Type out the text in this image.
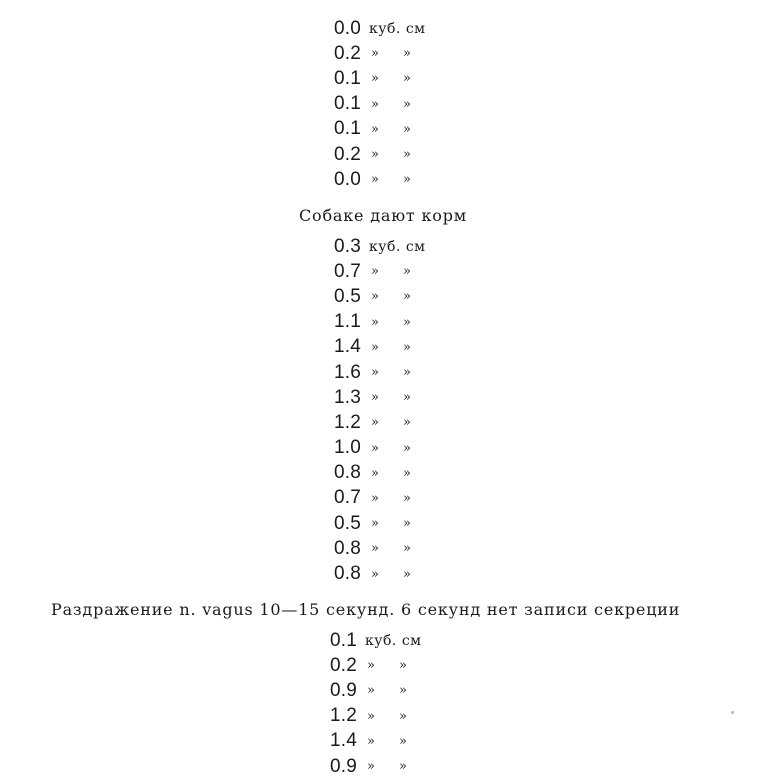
0.0 куб. см
0.2 »	»
0.1 »	»
0.1 »	»
0.1 »	»
0.2 »	»
0.0 »	»
Собаке дают корм
0.3 куб. см
0.7 »	»
0.5 »	»
1.1 »	»
1.4 »	»
1.6 »	»
1.3 »	»
1.2 »	»
1.0 »	»
0.8 »	»
0.7 »	»
0.5 »	»
0.8 »	»
0.8 »	»
Раздражение n. vagus 10—15 секунд. 6 секунд нет записи секреции
0.1 куб. см
0.2 »	»
0.9 »	»
1.2 »	»
1.4 »	»
0.9 »	»
